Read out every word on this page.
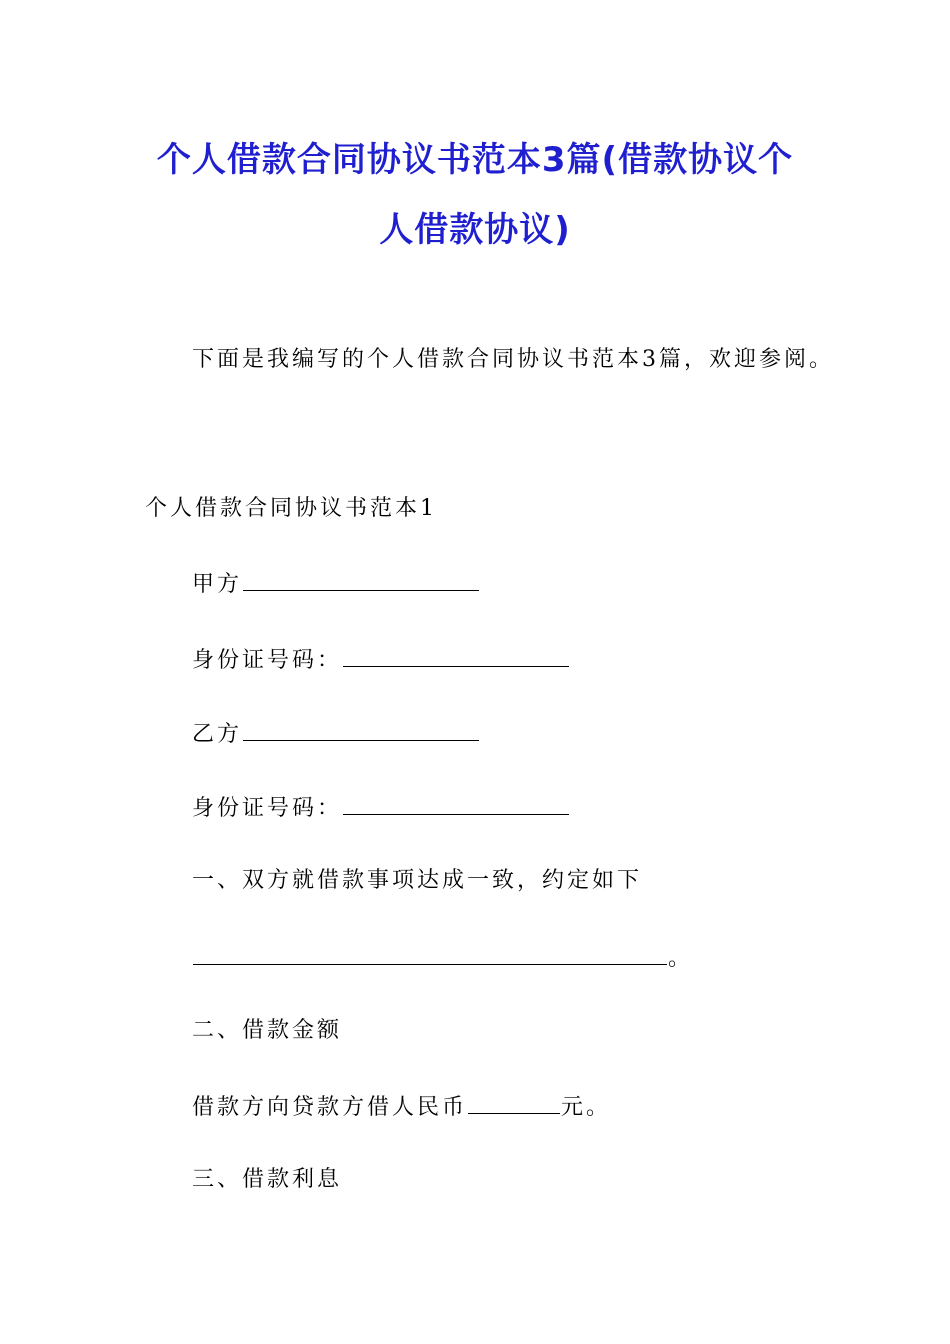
个人借款合同协议书范本3篇(借款协议个
人借款协议)
下面是我编写的个人借款合同协议书范本3篇，欢迎参阅。
个人借款合同协议书范本1
甲方
身份证号码：
乙方
身份证号码：
一、双方就借款事项达成一致，约定如下
。
二、借款金额
借款方向贷款方借人民币	元。
三、借款利息
